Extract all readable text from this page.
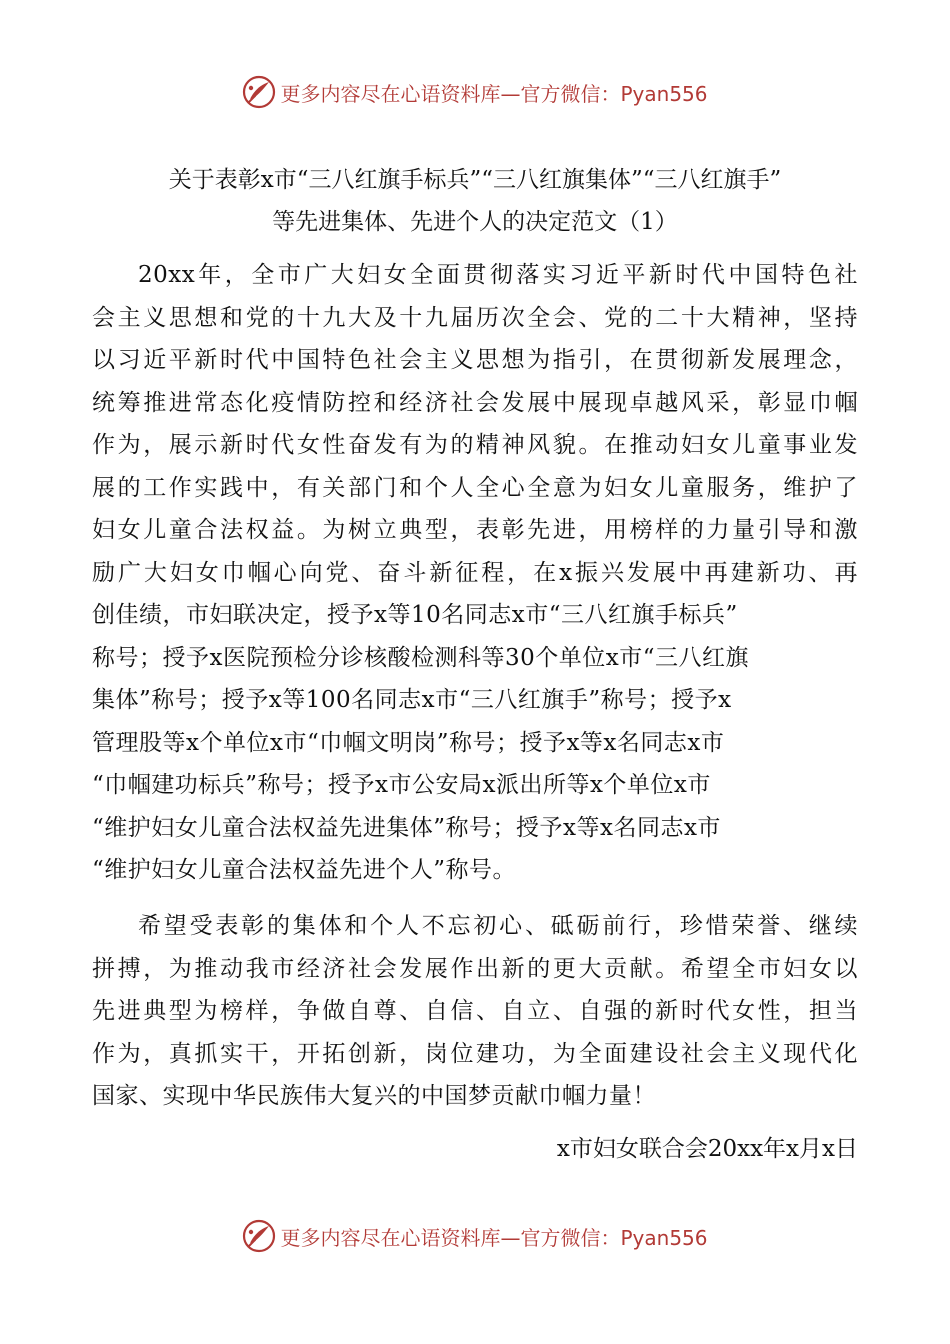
更多内容尽在心语资料库—官方微信：Pyan556
关于表彰x市“三八红旗手标兵”“三八红旗集体”“三八红旗手”
等先进集体、先进个人的决定范文（1）
20xx年，全市广大妇女全面贯彻落实习近平新时代中国特色社
会主义思想和党的十九大及十九届历次全会、党的二十大精神，坚持
以习近平新时代中国特色社会主义思想为指引，在贯彻新发展理念，
统筹推进常态化疫情防控和经济社会发展中展现卓越风采，彰显巾帼
作为，展示新时代女性奋发有为的精神风貌。在推动妇女儿童事业发
展的工作实践中，有关部门和个人全心全意为妇女儿童服务，维护了
妇女儿童合法权益。为树立典型，表彰先进，用榜样的力量引导和激
励广大妇女巾帼心向党、奋斗新征程，在x振兴发展中再建新功、再
创佳绩，市妇联决定，授予x等10名同志x市“三八红旗手标兵”
称号；授予x医院预检分诊核酸检测科等30个单位x市“三八红旗
集体”称号；授予x等100名同志x市“三八红旗手”称号；授予x
管理股等x个单位x市“巾帼文明岗”称号；授予x等x名同志x市
“巾帼建功标兵”称号；授予x市公安局x派出所等x个单位x市
“维护妇女儿童合法权益先进集体”称号；授予x等x名同志x市
“维护妇女儿童合法权益先进个人”称号。
希望受表彰的集体和个人不忘初心、砥砺前行，珍惜荣誉、继续
拼搏，为推动我市经济社会发展作出新的更大贡献。希望全市妇女以
先进典型为榜样，争做自尊、自信、自立、自强的新时代女性，担当
作为，真抓实干，开拓创新，岗位建功，为全面建设社会主义现代化
国家、实现中华民族伟大复兴的中国梦贡献巾帼力量！
x市妇女联合会20xx年x月x日
更多内容尽在心语资料库—官方微信：Pyan556
